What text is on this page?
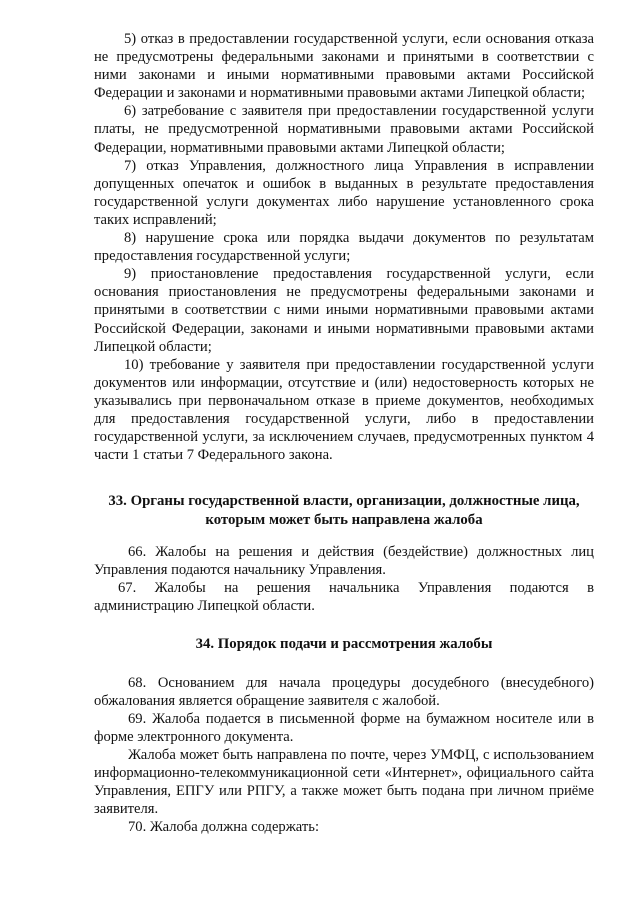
5) отказ в предоставлении государственной услуги, если основания отказа не предусмотрены федеральными законами и принятыми в соответствии с ними законами и иными нормативными правовыми актами Российской Федерации и законами и нормативными правовыми актами Липецкой области;

6) затребование с заявителя при предоставлении государственной услуги платы, не предусмотренной нормативными правовыми актами Российской Федерации, нормативными правовыми актами Липецкой области;

7) отказ Управления, должностного лица Управления в исправлении допущенных опечаток и ошибок в выданных в результате предоставления государственной услуги документах либо нарушение установленного срока таких исправлений;

8) нарушение срока или порядка выдачи документов по результатам предоставления государственной услуги;

9) приостановление предоставления государственной услуги, если основания приостановления не предусмотрены федеральными законами и принятыми в соответствии с ними иными нормативными правовыми актами Российской Федерации, законами и иными нормативными правовыми актами Липецкой области;

10) требование у заявителя при предоставлении государственной услуги документов или информации, отсутствие и (или) недостоверность которых не указывались при первоначальном отказе в приеме документов, необходимых для предоставления государственной услуги, либо в предоставлении государственной услуги, за исключением случаев, предусмотренных пунктом 4 части 1 статьи 7 Федерального закона.

33. Органы государственной власти, организации, должностные лица, которым может быть направлена жалоба

66. Жалобы на решения и действия (бездействие) должностных лиц Управления подаются начальнику Управления.

67. Жалобы на решения начальника Управления подаются в администрацию Липецкой области.

34. Порядок подачи и рассмотрения жалобы

68. Основанием для начала процедуры досудебного (внесудебного) обжалования является обращение заявителя с жалобой.

69. Жалоба подается в письменной форме на бумажном носителе или в форме электронного документа.

Жалоба может быть направлена по почте, через УМФЦ, с использованием информационно-телекоммуникационной сети «Интернет», официального сайта Управления, ЕПГУ или РПГУ, а также может быть подана при личном приёме заявителя.

70. Жалоба должна содержать:
